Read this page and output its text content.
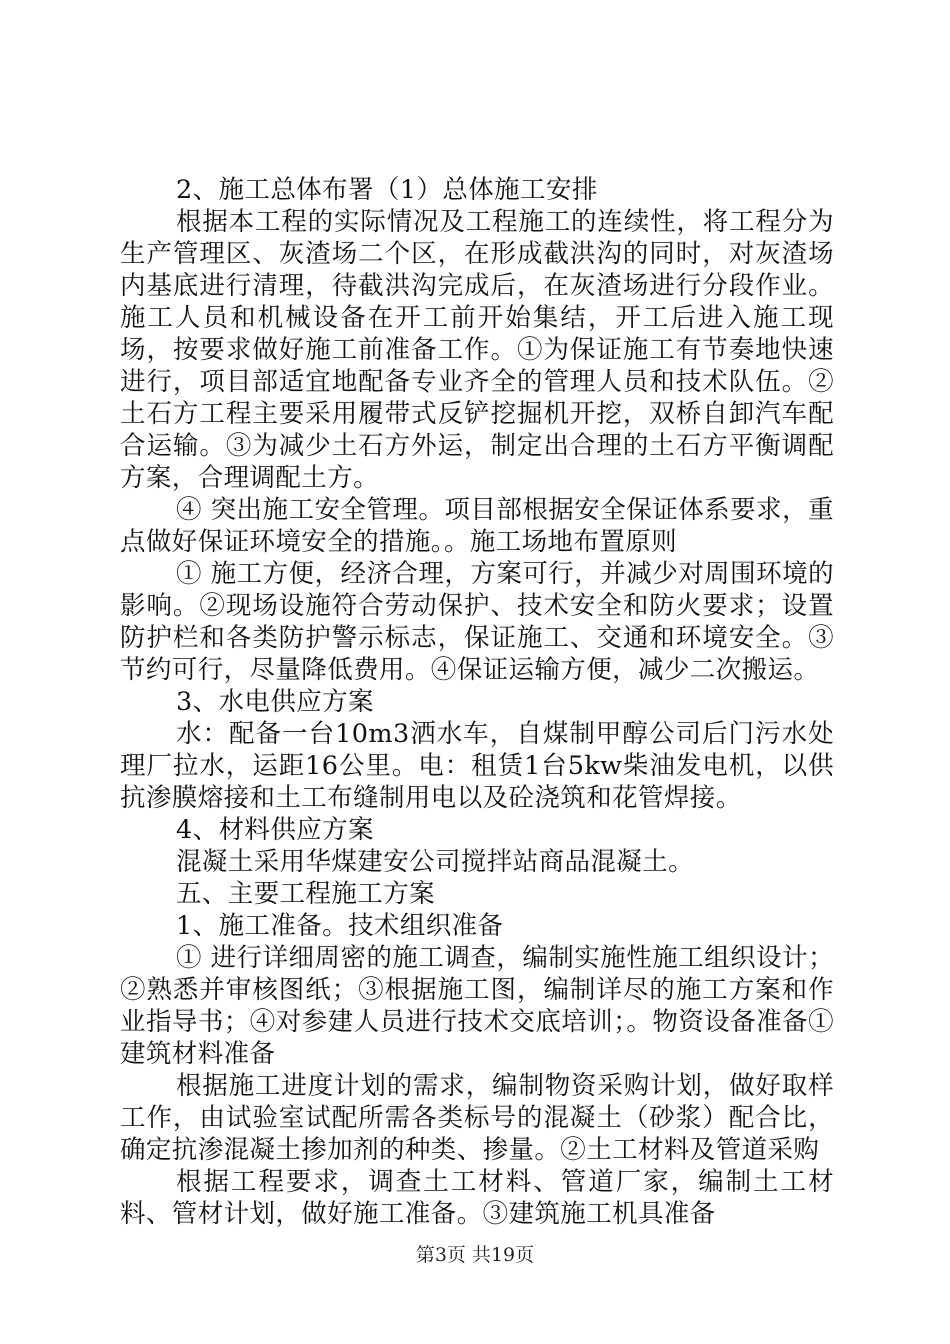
2、施工总体布署（1）总体施工安排

根据本工程的实际情况及工程施工的连续性，将工程分为生产管理区、灰渣场二个区，在形成截洪沟的同时，对灰渣场内基底进行清理，待截洪沟完成后，在灰渣场进行分段作业。施工人员和机械设备在开工前开始集结，开工后进入施工现场，按要求做好施工前准备工作。①为保证施工有节奏地快速进行，项目部适宜地配备专业齐全的管理人员和技术队伍。②土石方工程主要采用履带式反铲挖掘机开挖，双桥自卸汽车配合运输。③为减少土石方外运，制定出合理的土石方平衡调配方案，合理调配土方。

④ 突出施工安全管理。项目部根据安全保证体系要求，重点做好保证环境安全的措施。。施工场地布置原则

① 施工方便，经济合理，方案可行，并减少对周围环境的影响。②现场设施符合劳动保护、技术安全和防火要求；设置防护栏和各类防护警示标志，保证施工、交通和环境安全。③节约可行，尽量降低费用。④保证运输方便，减少二次搬运。

3、水电供应方案

水：配备一台10m3洒水车，自煤制甲醇公司后门污水处理厂拉水，运距16公里。电：租赁1台5kw柴油发电机，以供抗渗膜熔接和土工布缝制用电以及砼浇筑和花管焊接。

4、材料供应方案

混凝土采用华煤建安公司搅拌站商品混凝土。

五、主要工程施工方案

1、施工准备。技术组织准备

① 进行详细周密的施工调查，编制实施性施工组织设计；②熟悉并审核图纸；③根据施工图，编制详尽的施工方案和作业指导书；④对参建人员进行技术交底培训；。物资设备准备①建筑材料准备

根据施工进度计划的需求，编制物资采购计划，做好取样工作，由试验室试配所需各类标号的混凝土（砂浆）配合比，确定抗渗混凝土掺加剂的种类、掺量。②土工材料及管道采购

根据工程要求，调查土工材料、管道厂家，编制土工材料、管材计划，做好施工准备。③建筑施工机具准备

第3页 共19页
